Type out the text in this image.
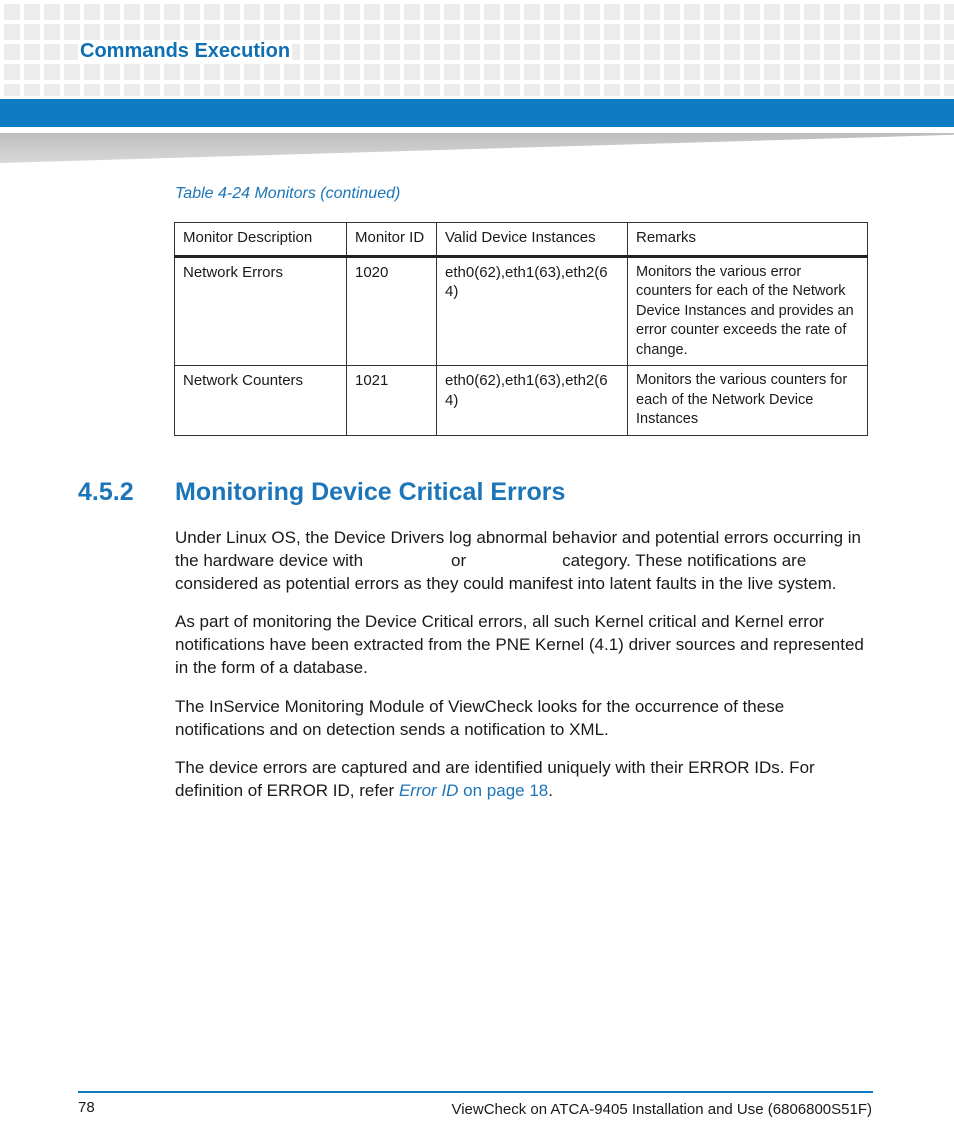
Commands Execution
Table 4-24 Monitors (continued)
Monitor Description	Monitor ID	Valid Device Instances	Remarks
Network Errors	1020	eth0(62),eth1(63),eth2(64)	Monitors the various error counters for each of the Network Device Instances and provides an error counter exceeds the rate of change.
Network Counters	1021	eth0(62),eth1(63),eth2(64)	Monitors the various counters for each of the Network Device Instances
4.5.2 Monitoring Device Critical Errors

Under Linux OS, the Device Drivers log abnormal behavior and potential errors occurring in the hardware device with	or	category. These notifications are considered as potential errors as they could manifest into latent faults in the live system.

As part of monitoring the Device Critical errors, all such Kernel critical and Kernel error notifications have been extracted from the PNE Kernel (4.1) driver sources and represented in the form of a database.

The InService Monitoring Module of ViewCheck looks for the occurrence of these notifications and on detection sends a notification to XML.

The device errors are captured and are identified uniquely with their ERROR IDs. For definition of ERROR ID, refer Error ID on page 18.

78	ViewCheck on ATCA-9405 Installation and Use (6806800S51F)
